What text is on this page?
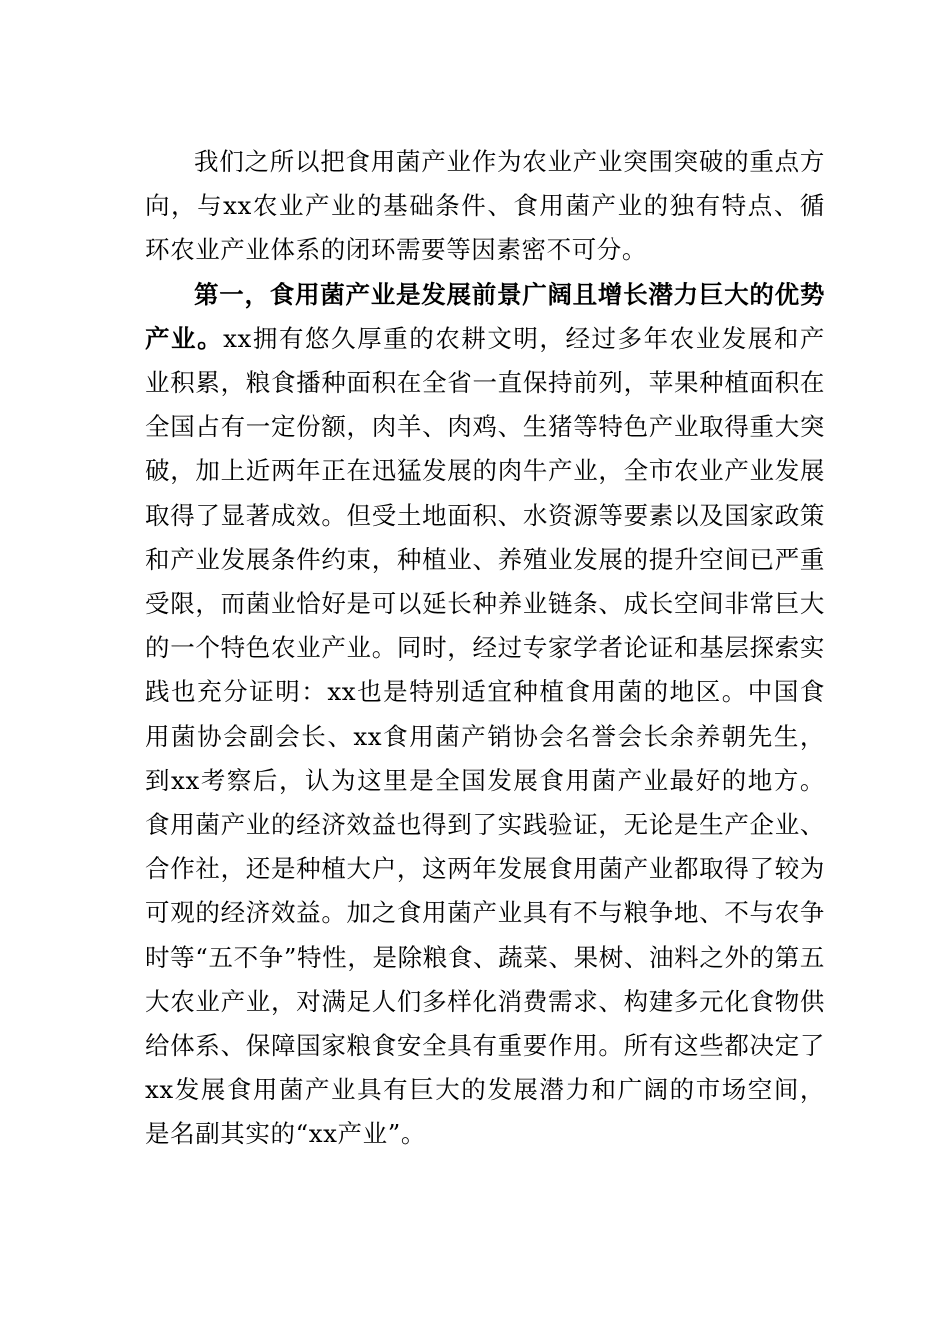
我们之所以把食用菌产业作为农业产业突围突破的重点方向，与xx农业产业的基础条件、食用菌产业的独有特点、循环农业产业体系的闭环需要等因素密不可分。

第一，食用菌产业是发展前景广阔且增长潜力巨大的优势产业。xx拥有悠久厚重的农耕文明，经过多年农业发展和产业积累，粮食播种面积在全省一直保持前列，苹果种植面积在全国占有一定份额，肉羊、肉鸡、生猪等特色产业取得重大突破，加上近两年正在迅猛发展的肉牛产业，全市农业产业发展取得了显著成效。但受土地面积、水资源等要素以及国家政策和产业发展条件约束，种植业、养殖业发展的提升空间已严重受限，而菌业恰好是可以延长种养业链条、成长空间非常巨大的一个特色农业产业。同时，经过专家学者论证和基层探索实践也充分证明：xx也是特别适宜种植食用菌的地区。中国食用菌协会副会长、xx食用菌产销协会名誉会长余养朝先生，到xx考察后，认为这里是全国发展食用菌产业最好的地方。食用菌产业的经济效益也得到了实践验证，无论是生产企业、合作社，还是种植大户，这两年发展食用菌产业都取得了较为可观的经济效益。加之食用菌产业具有不与粮争地、不与农争时等“五不争”特性，是除粮食、蔬菜、果树、油料之外的第五大农业产业，对满足人们多样化消费需求、构建多元化食物供给体系、保障国家粮食安全具有重要作用。所有这些都决定了xx发展食用菌产业具有巨大的发展潜力和广阔的市场空间，是名副其实的“xx产业”。
